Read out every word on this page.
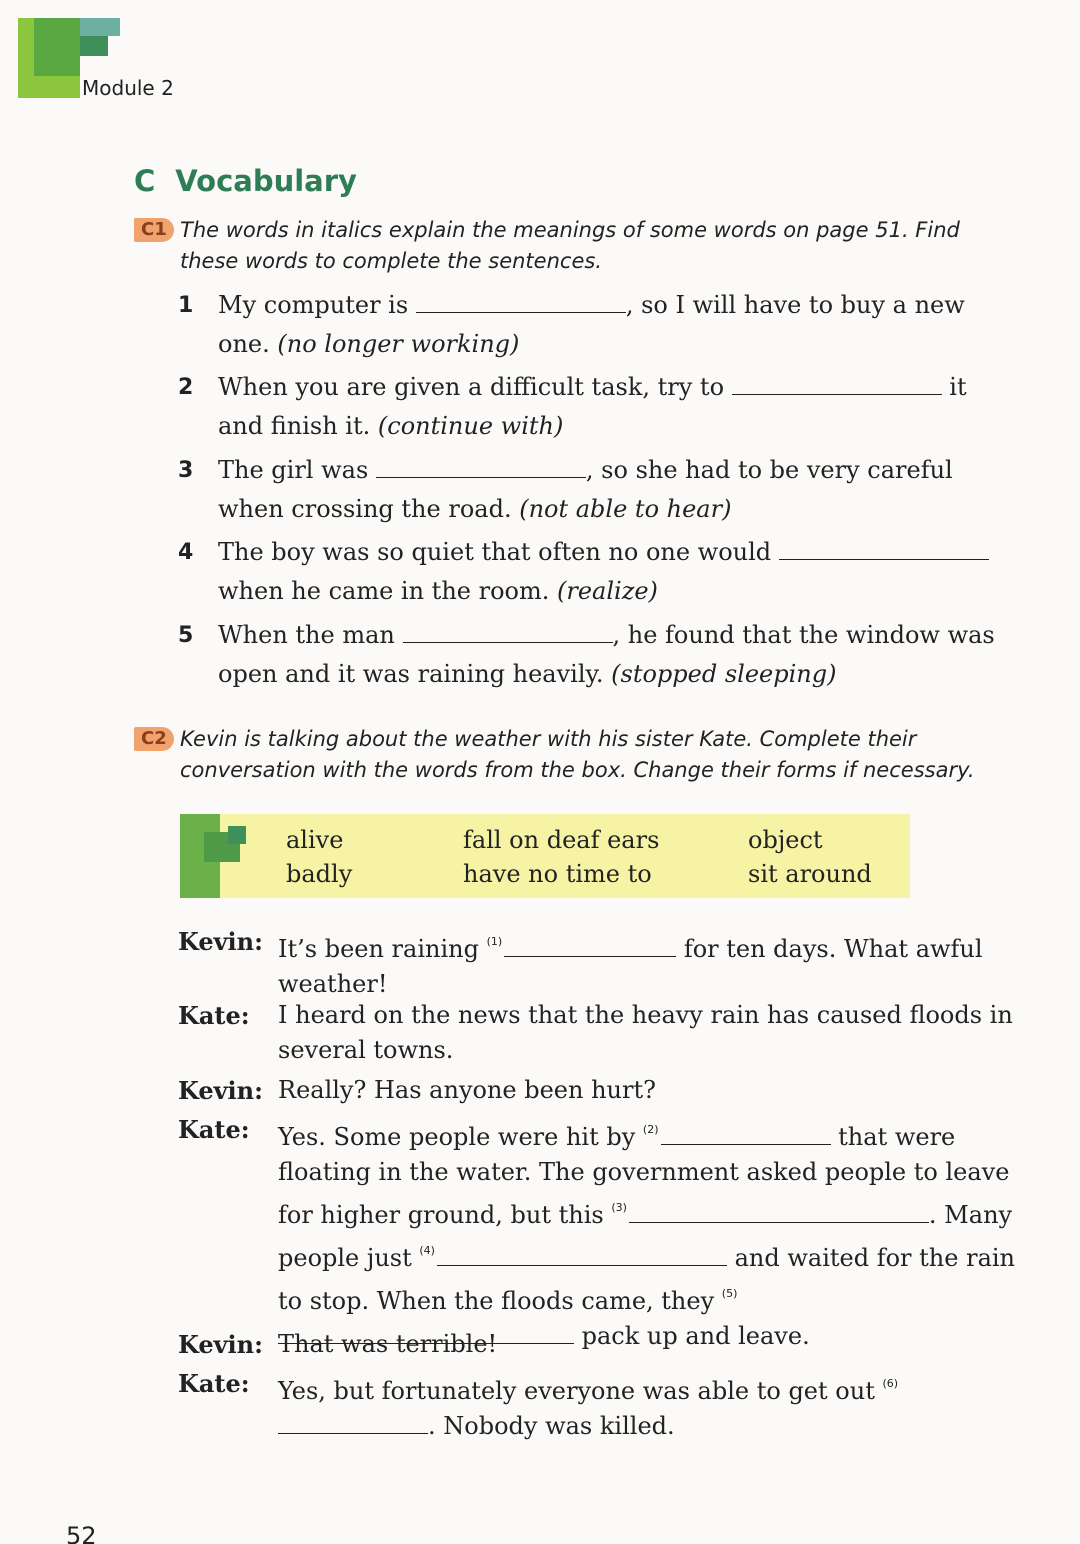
Module 2
C Vocabulary
C1 The words in italics explain the meanings of some words on page 51. Find these words to complete the sentences.
1 My computer is	, so I will have to buy a new one. (no longer working)
2 When you are given a difficult task, try to	it and finish it. (continue with)
3 The girl was	, so she had to be very careful when crossing the road. (not able to hear)
4 The boy was so quiet that often no one would  when he came in the room. (realize)
5 When the man	, he found that the window was open and it was raining heavily. (stopped sleeping)
C2 Kevin is talking about the weather with his sister Kate. Complete their conversation with the words from the box. Change their forms if necessary.
alive	fall on deaf ears	object
badly	have no time to	sit around
Kevin: It’s been raining $^{(1)}$	for ten days. What awful weather!
Kate: I heard on the news that the heavy rain has caused floods in several towns.
Kevin: Really? Has anyone been hurt?
Kate: Yes. Some people were hit by $^{(2)}$	that were floating in the water. The government asked people to leave for higher ground, but this $^{(3)}$	. Many people just $^{(4)}$	and waited for the rain to stop. When the floods came, they $^{(5)}$ pack up and leave.
Kevin: That was terrible!
Kate: Yes, but fortunately everyone was able to get out $^{(6)}$. Nobody was killed.
52
